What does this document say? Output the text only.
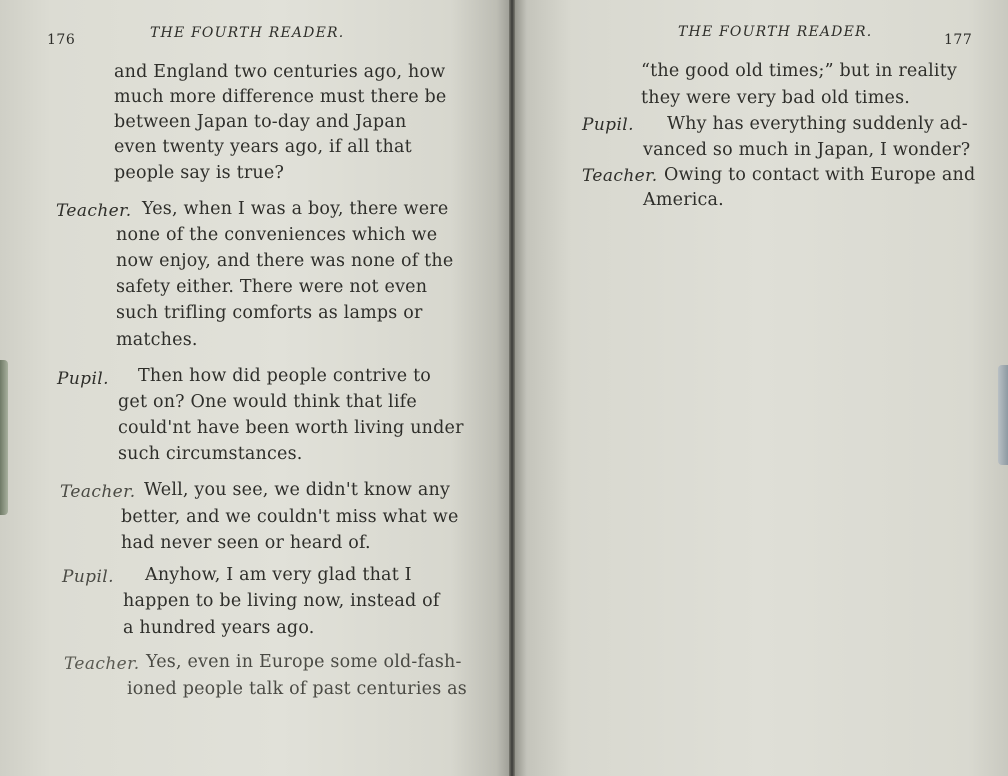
176	THE FOURTH READER.
and England two centuries ago, how
much more difference must there be
between Japan to-day and Japan
even twenty years ago, if all that
people say is true?
Teacher. Yes, when I was a boy, there were
none of the conveniences which we
now enjoy, and there was none of the
safety either. There were not even
such trifling comforts as lamps or
matches.
Pupil. Then how did people contrive to
get on? One would think that life
could'nt have been worth living under
such circumstances.
Teacher. Well, you see, we didn't know any
better, and we couldn't miss what we
had never seen or heard of.
Pupil. Anyhow, I am very glad that I
happen to be living now, instead of
a hundred years ago.
Teacher. Yes, even in Europe some old-fash-
ioned people talk of past centuries as
THE FOURTH READER.	177
“the good old times;” but in reality
they were very bad old times.
Pupil. Why has everything suddenly ad-
vanced so much in Japan, I wonder?
Teacher. Owing to contact with Europe and
America.
